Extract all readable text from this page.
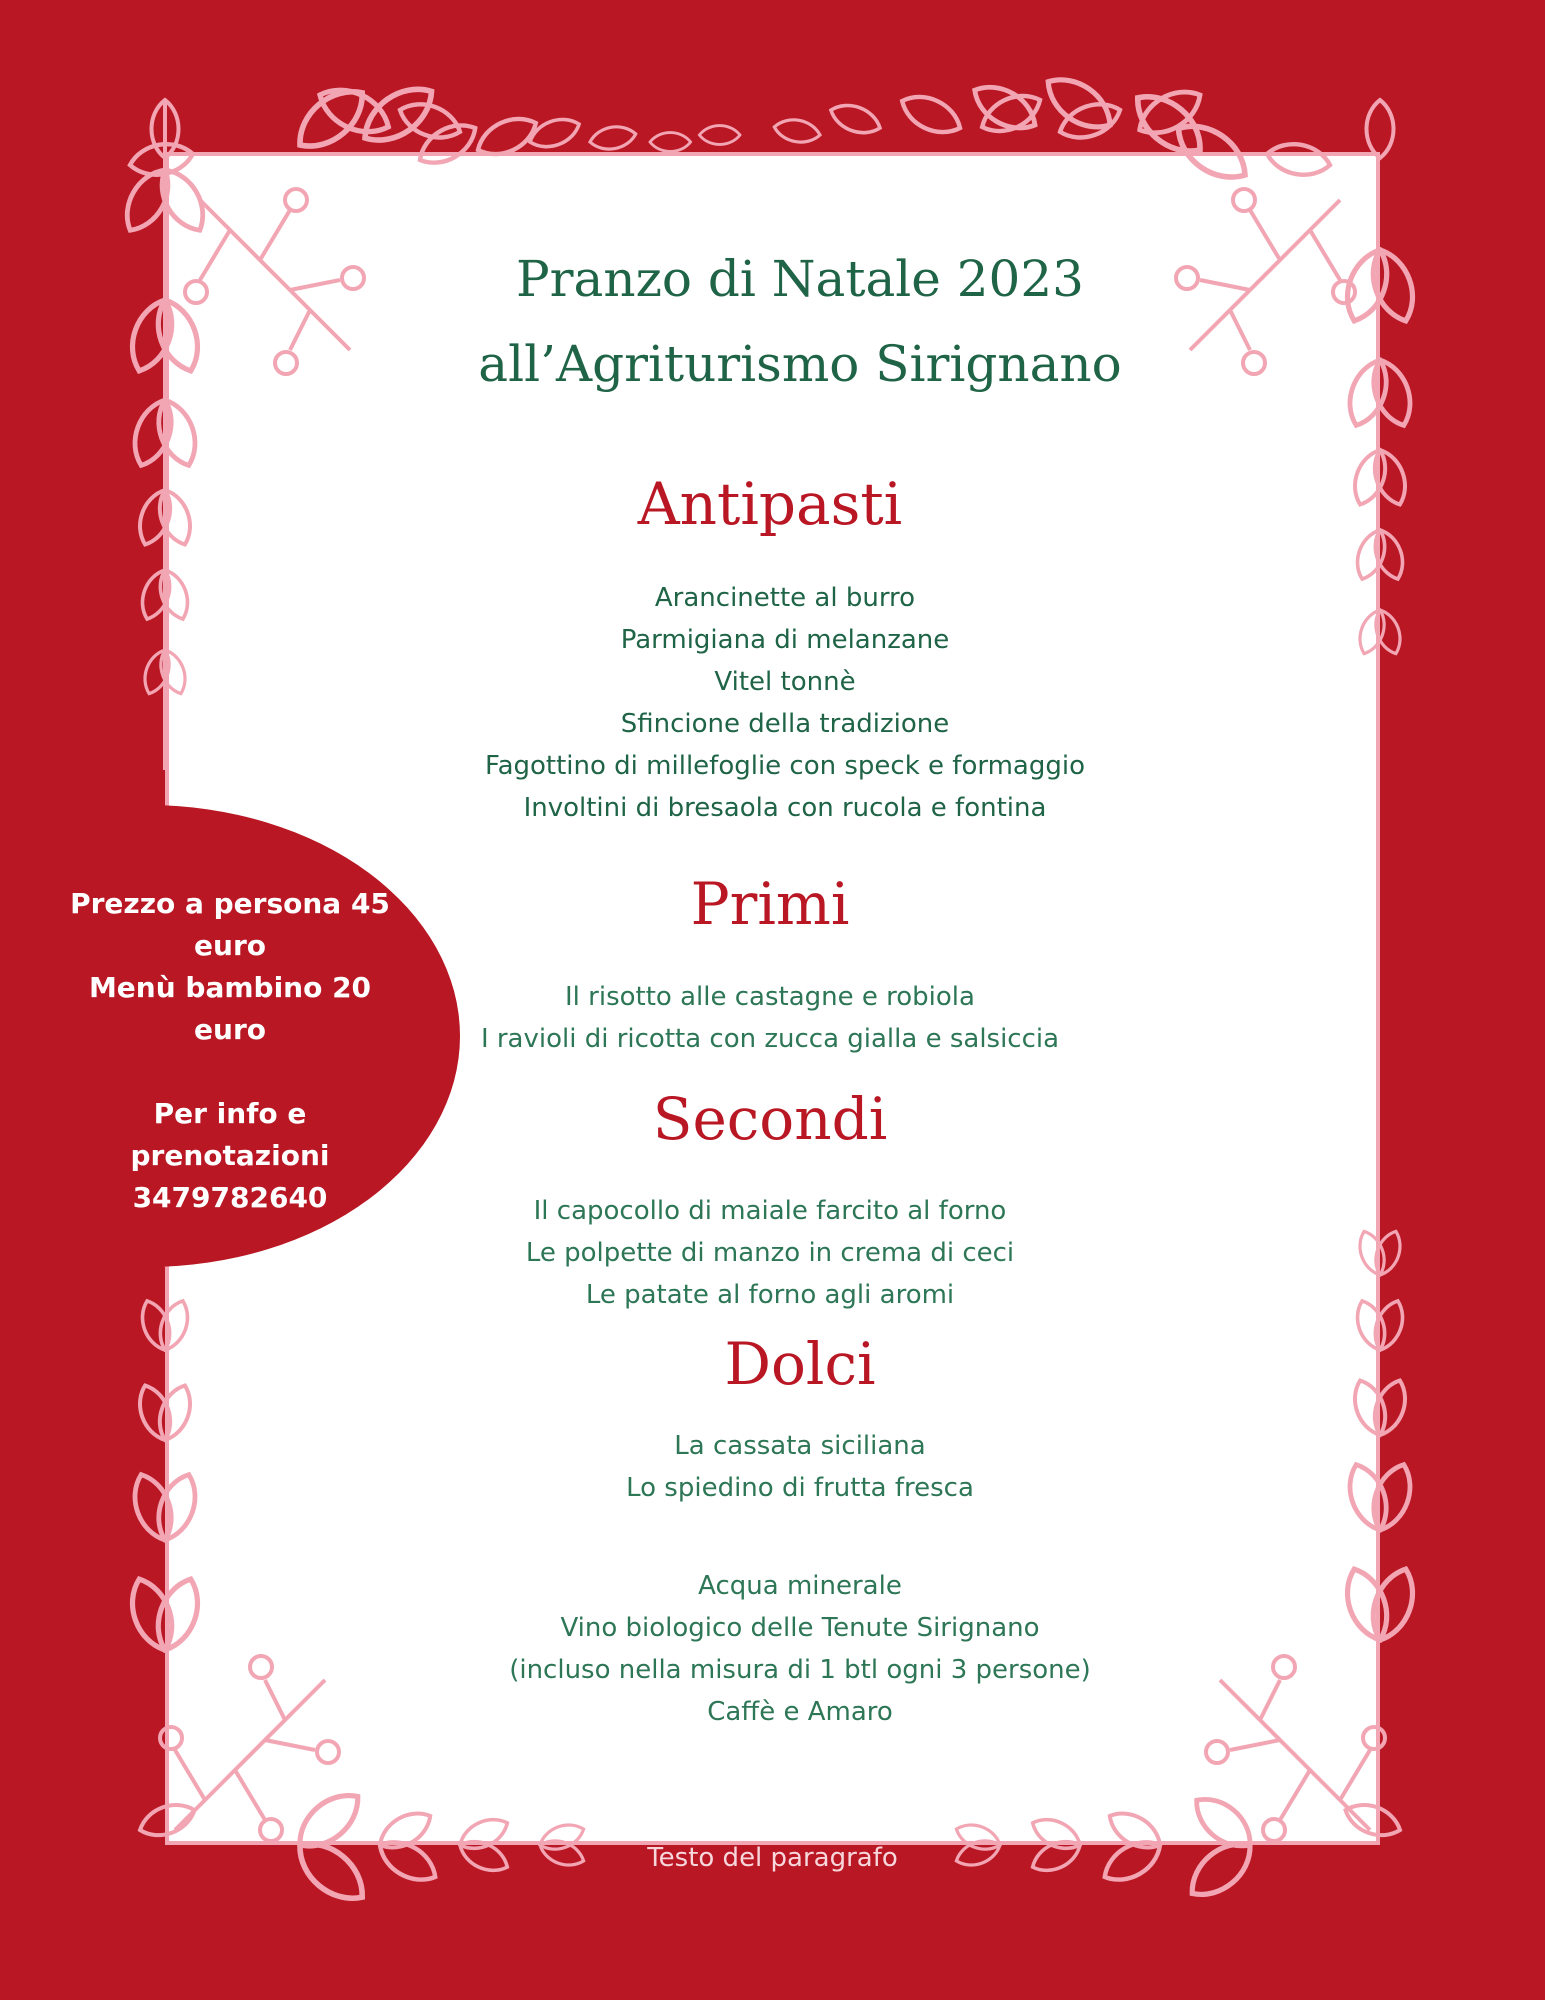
Pranzo di Natale 2023
all’Agriturismo Sirignano
Antipasti
Arancinette al burro
Parmigiana di melanzane
Vitel tonnè
Sfincione della tradizione
Fagottino di millefoglie con speck e formaggio
Involtini di bresaola con rucola e fontina
Primi
Il risotto alle castagne e robiola
I ravioli di ricotta con zucca gialla e salsiccia
Secondi
Il capocollo di maiale farcito al forno
Le polpette di manzo in crema di ceci
Le patate al forno agli aromi
Dolci
La cassata siciliana
Lo spiedino di frutta fresca
Acqua minerale
Vino biologico delle Tenute Sirignano
(incluso nella misura di 1 btl ogni 3 persone)
Caffè e Amaro

Prezzo a persona 45

euro

Menù bambino 20

euro

Per info e

prenotazioni

3479782640

Testo del paragrafo
